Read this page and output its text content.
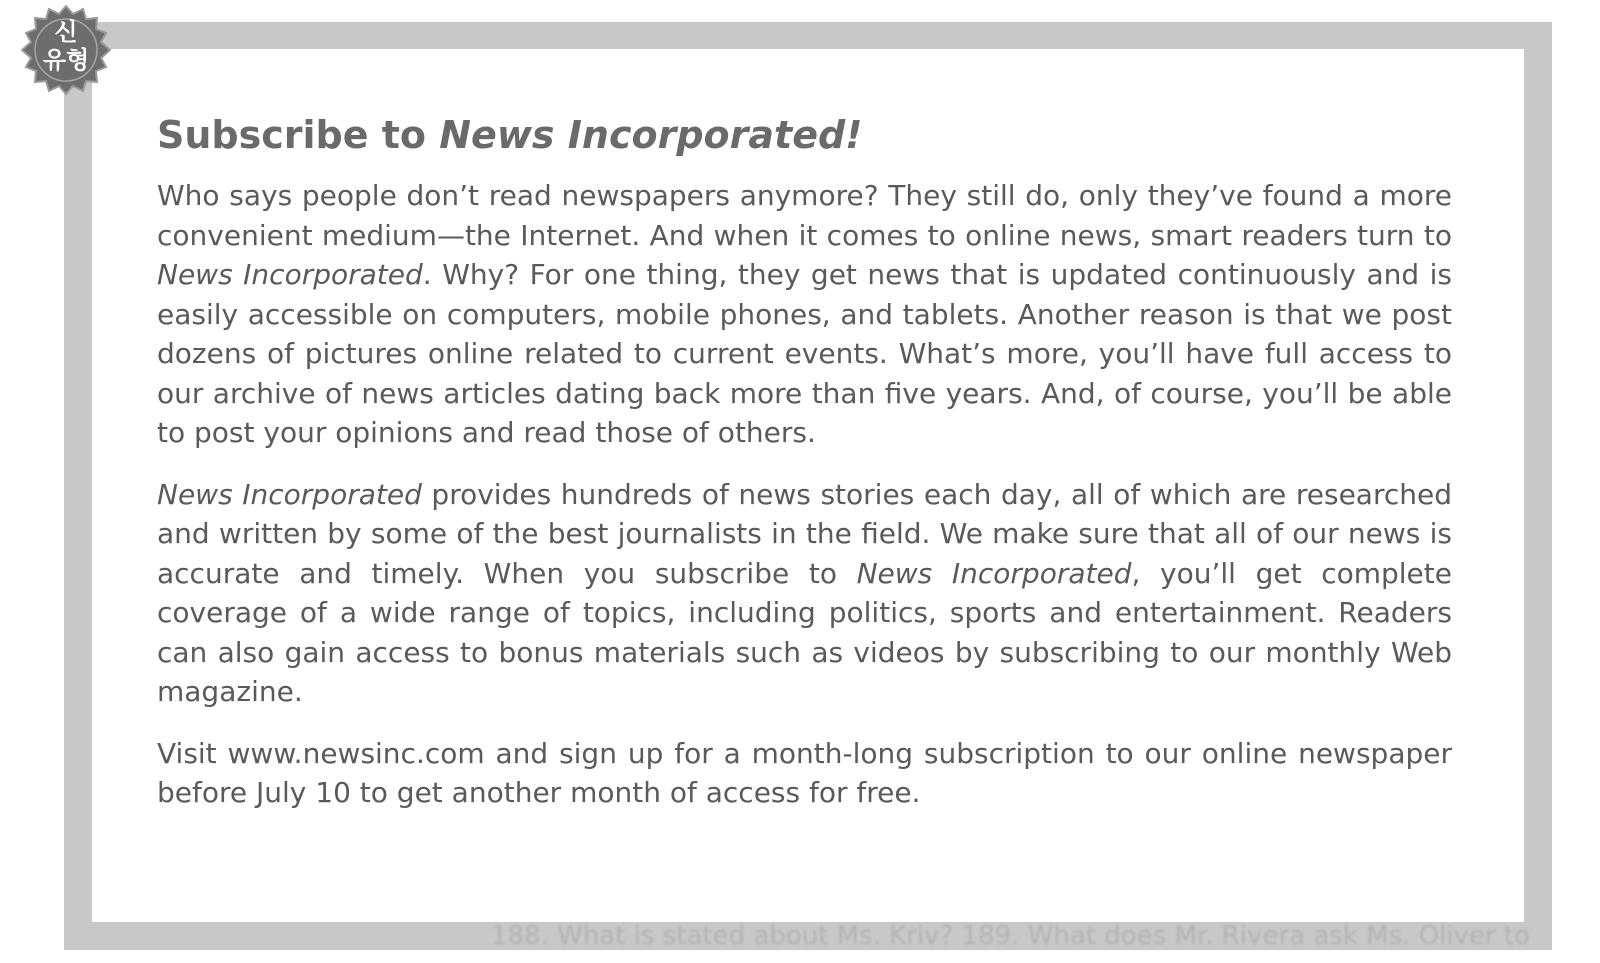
188. What is stated about Ms. Kriv? 189. What does Mr. Rivera ask Ms. Oliver to
신
유형
Subscribe to News Incorporated!

Who says people don’t read newspapers anymore? They still do, only they’ve found a more convenient medium—the Internet. And when it comes to online news, smart readers turn to News Incorporated. Why? For one thing, they get news that is updated continuously and is easily accessible on computers, mobile phones, and tablets. Another reason is that we post dozens of pictures online related to current events. What’s more, you’ll have full access to our archive of news articles dating back more than five years. And, of course, you’ll be able to post your opinions and read those of others.

News Incorporated provides hundreds of news stories each day, all of which are researched and written by some of the best journalists in the field. We make sure that all of our news is accurate and timely. When you subscribe to News Incorporated, you’ll get complete coverage of a wide range of topics, including politics, sports and entertainment. Readers can also gain access to bonus materials such as videos by subscribing to our monthly Web magazine.

Visit www.newsinc.com and sign up for a month-long subscription to our online newspaper before July 10 to get another month of access for free.
